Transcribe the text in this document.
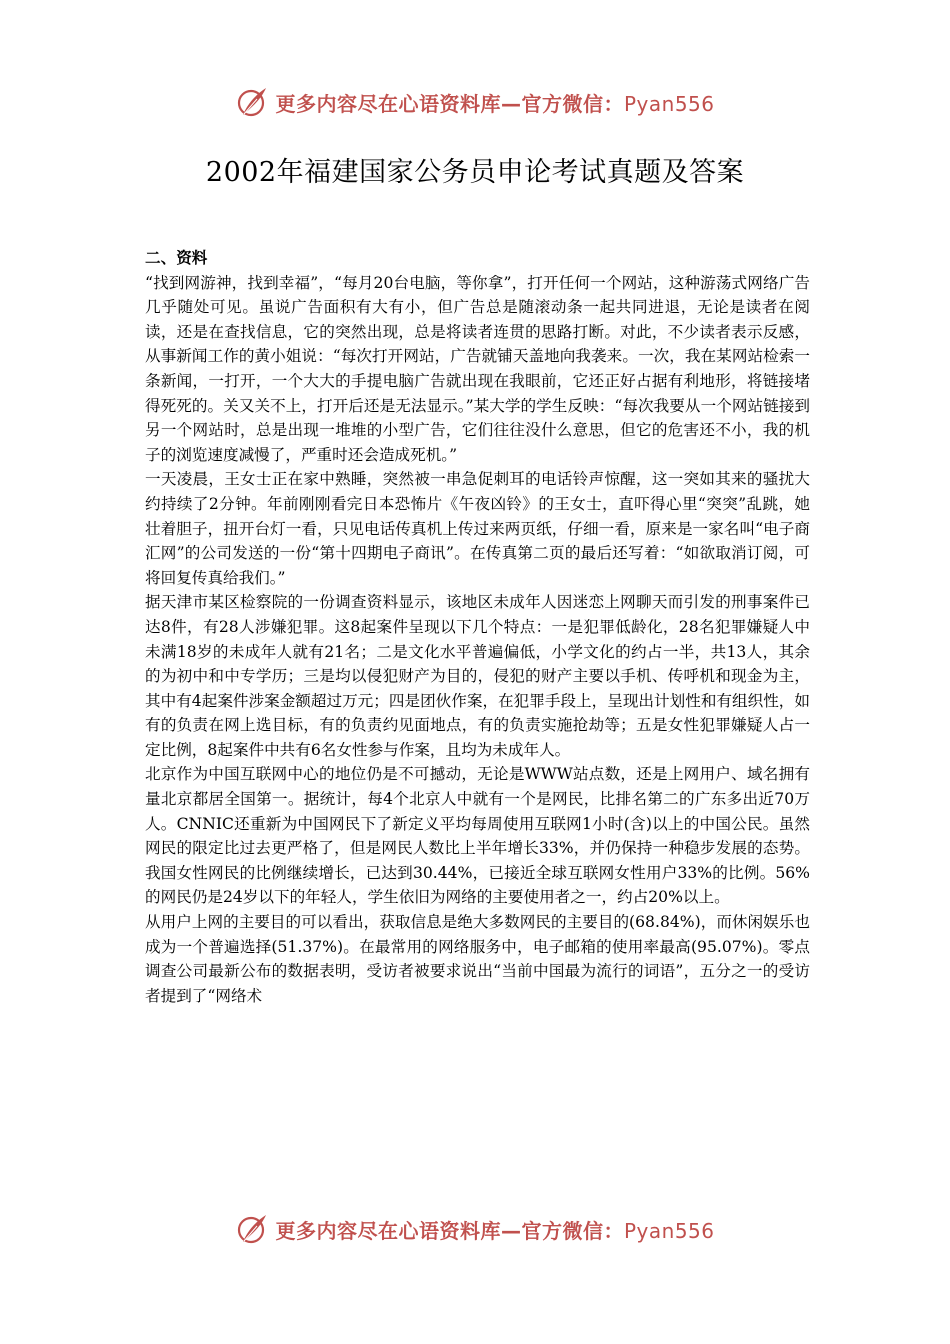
更多内容尽在心语资料库—官方微信：Pyan556
2002年福建国家公务员申论考试真题及答案

二、资料

“找到网游神，找到幸福”，“每月20台电脑，等你拿”，打开任何一个网站，这种游荡式网络广告几乎随处可见。虽说广告面积有大有小，但广告总是随滚动条一起共同进退，无论是读者在阅读，还是在查找信息，它的突然出现，总是将读者连贯的思路打断。对此，不少读者表示反感，从事新闻工作的黄小姐说：“每次打开网站，广告就铺天盖地向我袭来。一次，我在某网站检索一条新闻，一打开，一个大大的手提电脑广告就出现在我眼前，它还正好占据有利地形，将链接堵得死死的。关又关不上，打开后还是无法显示。”某大学的学生反映：“每次我要从一个网站链接到另一个网站时，总是出现一堆堆的小型广告，它们往往没什么意思，但它的危害还不小，我的机子的浏览速度减慢了，严重时还会造成死机。”

一天凌晨，王女士正在家中熟睡，突然被一串急促刺耳的电话铃声惊醒，这一突如其来的骚扰大约持续了2分钟。年前刚刚看完日本恐怖片《午夜凶铃》的王女士，直吓得心里“突突”乱跳，她壮着胆子，扭开台灯一看，只见电话传真机上传过来两页纸，仔细一看，原来是一家名叫“电子商汇网”的公司发送的一份“第十四期电子商讯”。在传真第二页的最后还写着：“如欲取消订阅，可将回复传真给我们。”

据天津市某区检察院的一份调查资料显示，该地区未成年人因迷恋上网聊天而引发的刑事案件已达8件，有28人涉嫌犯罪。这8起案件呈现以下几个特点：一是犯罪低龄化，28名犯罪嫌疑人中未满18岁的未成年人就有21名；二是文化水平普遍偏低，小学文化的约占一半，共13人，其余的为初中和中专学历；三是均以侵犯财产为目的，侵犯的财产主要以手机、传呼机和现金为主，其中有4起案件涉案金额超过万元；四是团伙作案，在犯罪手段上，呈现出计划性和有组织性，如有的负责在网上选目标，有的负责约见面地点，有的负责实施抢劫等；五是女性犯罪嫌疑人占一定比例，8起案件中共有6名女性参与作案，且均为未成年人。

北京作为中国互联网中心的地位仍是不可撼动，无论是WWW站点数，还是上网用户、域名拥有量北京都居全国第一。据统计，每4个北京人中就有一个是网民，比排名第二的广东多出近70万人。CNNIC还重新为中国网民下了新定义平均每周使用互联网1小时(含)以上的中国公民。虽然网民的限定比过去更严格了，但是网民人数比上半年增长33%，并仍保持一种稳步发展的态势。我国女性网民的比例继续增长，已达到30.44%，已接近全球互联网女性用户33%的比例。56%的网民仍是24岁以下的年轻人，学生依旧为网络的主要使用者之一，约占20%以上。

从用户上网的主要目的可以看出，获取信息是绝大多数网民的主要目的(68.84%)，而休闲娱乐也成为一个普遍选择(51.37%)。在最常用的网络服务中，电子邮箱的使用率最高(95.07%)。零点调查公司最新公布的数据表明，受访者被要求说出“当前中国最为流行的词语”，五分之一的受访者提到了“网络术

更多内容尽在心语资料库—官方微信：Pyan556
